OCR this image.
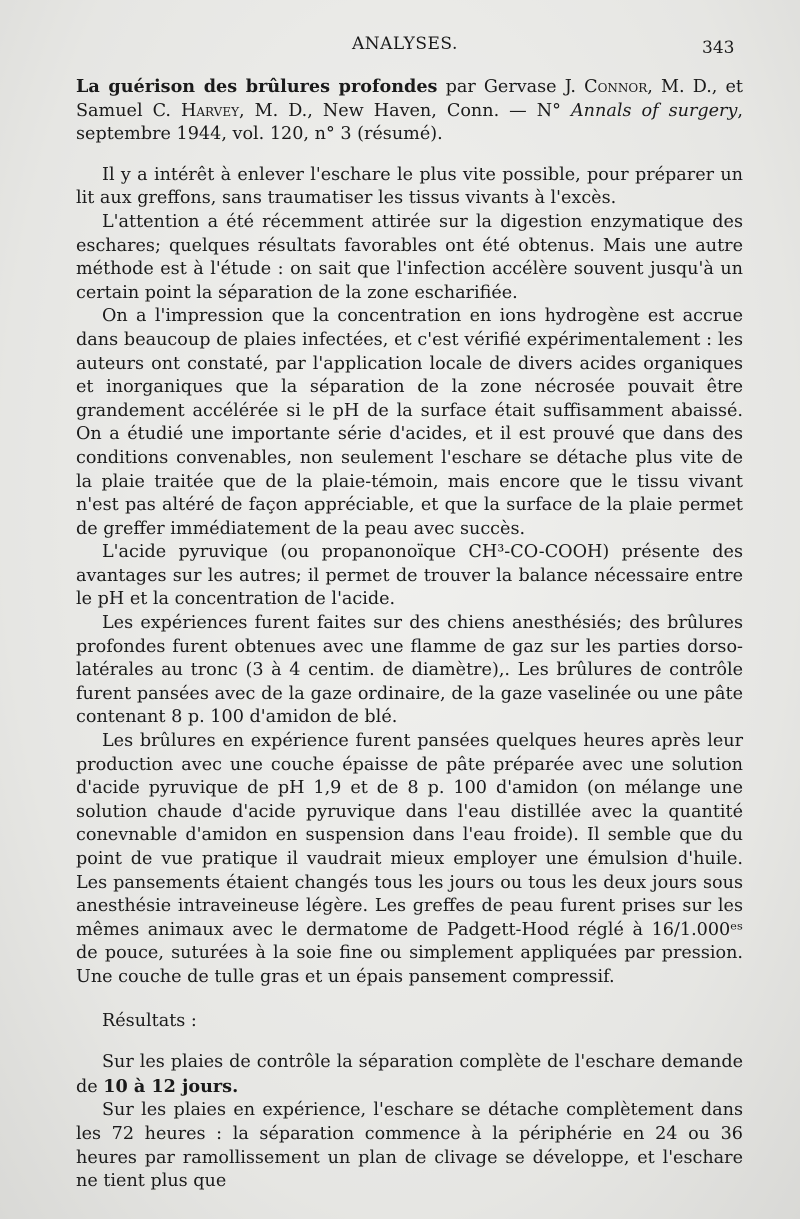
ANALYSES.	343

La guérison des brûlures profondes par Gervase J. Connor, M. D., et Samuel C. Harvey, M. D., New Haven, Conn. — N° Annals of surgery, septembre 1944, vol. 120, n° 3 (résumé).

Il y a intérêt à enlever l'eschare le plus vite possible, pour préparer un lit aux greffons, sans traumatiser les tissus vivants à l'excès.

L'attention a été récemment attirée sur la digestion enzymatique des eschares; quelques résultats favorables ont été obtenus. Mais une autre méthode est à l'étude : on sait que l'infection accélère souvent jusqu'à un certain point la séparation de la zone escharifiée.

On a l'impression que la concentration en ions hydrogène est accrue dans beaucoup de plaies infectées, et c'est vérifié expérimentalement : les auteurs ont constaté, par l'application locale de divers acides organiques et inorganiques que la séparation de la zone nécrosée pouvait être grandement accélérée si le pH de la surface était suffisamment abaissé. On a étudié une importante série d'acides, et il est prouvé que dans des conditions convenables, non seulement l'eschare se détache plus vite de la plaie traitée que de la plaie-témoin, mais encore que le tissu vivant n'est pas altéré de façon appréciable, et que la surface de la plaie permet de greffer immédiatement de la peau avec succès.

L'acide pyruvique (ou propanonoïque CH³-CO-COOH) présente des avantages sur les autres; il permet de trouver la balance nécessaire entre le pH et la concentration de l'acide.

Les expériences furent faites sur des chiens anesthésiés; des brûlures profondes furent obtenues avec une flamme de gaz sur les parties dorso-latérales au tronc (3 à 4 centim. de diamètre),. Les brûlures de contrôle furent pansées avec de la gaze ordinaire, de la gaze vaselinée ou une pâte contenant 8 p. 100 d'amidon de blé.

Les brûlures en expérience furent pansées quelques heures après leur production avec une couche épaisse de pâte préparée avec une solution d'acide pyruvique de pH 1,9 et de 8 p. 100 d'amidon (on mélange une solution chaude d'acide pyruvique dans l'eau distillée avec la quantité conevnable d'amidon en suspension dans l'eau froide). Il semble que du point de vue pratique il vaudrait mieux employer une émulsion d'huile. Les pansements étaient changés tous les jours ou tous les deux jours sous anesthésie intraveineuse légère. Les greffes de peau furent prises sur les mêmes animaux avec le dermatome de Padgett-Hood réglé à 16/1.000ᵉˢ de pouce, suturées à la soie fine ou simplement appliquées par pression. Une couche de tulle gras et un épais pansement compressif.

Résultats :

Sur les plaies de contrôle la séparation complète de l'eschare demande de 10 à 12 jours.

Sur les plaies en expérience, l'eschare se détache complètement dans les 72 heures : la séparation commence à la périphérie en 24 ou 36 heures par ramollissement un plan de clivage se développe, et l'eschare ne tient plus que
